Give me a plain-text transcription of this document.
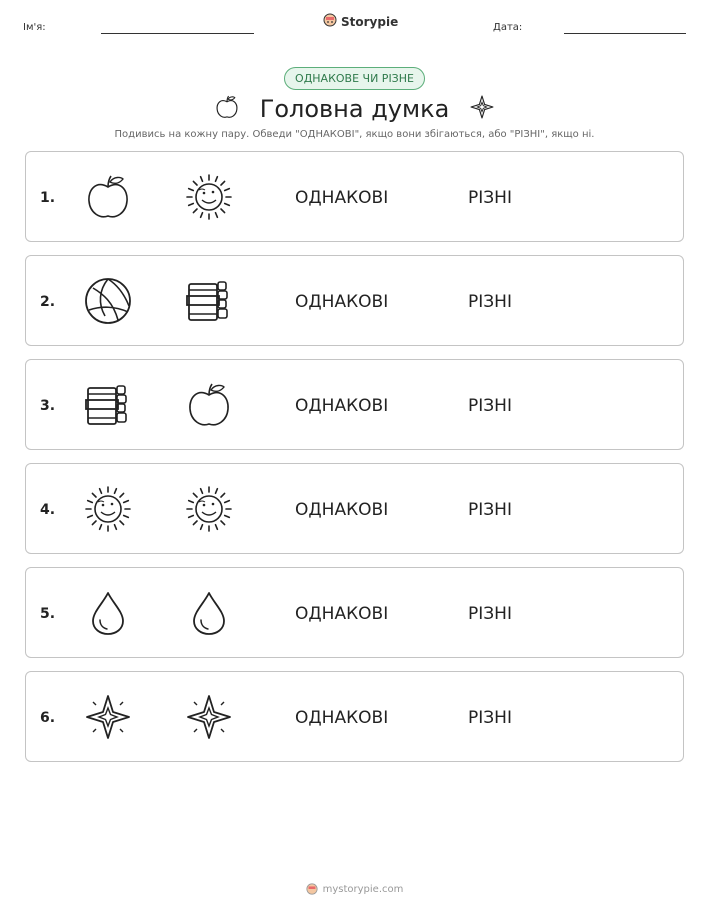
Ім'я:	Storypie	Дата:
ОДНАКОВЕ ЧИ РІЗНЕ
Головна думка
Подивись на кожну пару. Обведи "ОДНАКОВІ", якщо вони збігаються, або "РІЗНІ", якщо ні.
1.	ОДНАКОВІ	РІЗНІ
2.	ОДНАКОВІ	РІЗНІ
3.	ОДНАКОВІ	РІЗНІ
4.	ОДНАКОВІ	РІЗНІ
5.	ОДНАКОВІ	РІЗНІ
6.	ОДНАКОВІ	РІЗНІ
mystorypie.com
